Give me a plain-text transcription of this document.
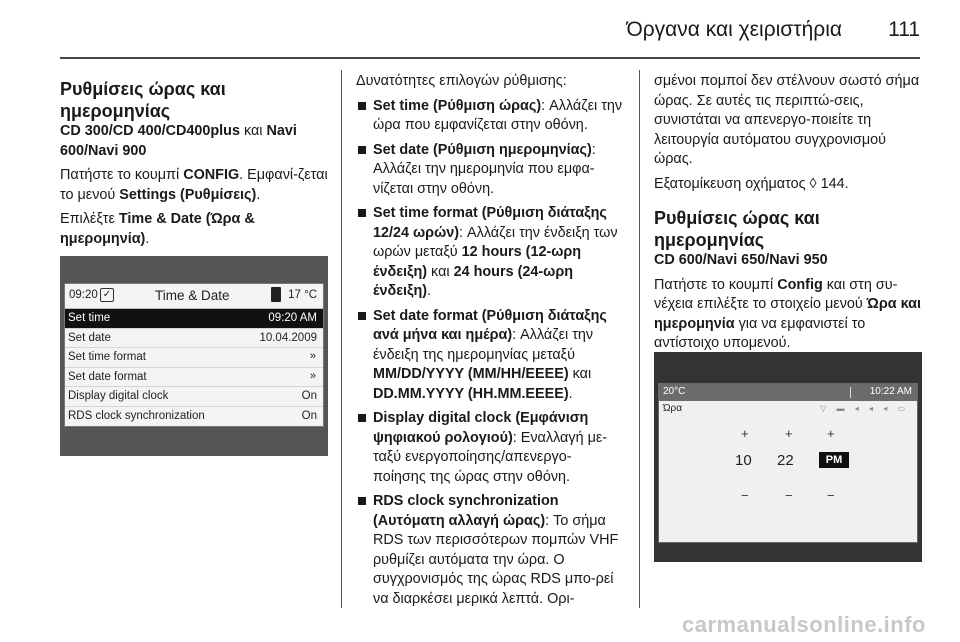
Όργανα και χειριστήρια 111
Ρυθμίσεις ώρας και ημερομηνίας
CD 300/CD 400/CD400plus και Navi 600/Navi 900

Πατήστε το κουμπί CONFIG. Εμφανί-ζεται το μενού Settings (Ρυθμίσεις).

Επιλέξτε Time & Date (Ώρα & ημερομηνία).

09:20 ✓	Time & Date	17 °C
Set time	09:20 AM
Set date	10.04.2009
Set time format	»
Set date format	»
Display digital clock	On
RDS clock synchronization	On
Δυνατότητες επιλογών ρύθμισης:
Set time (Ρύθμιση ώρας): Αλλάζει την ώρα που εμφανίζεται στην οθόνη.
Set date (Ρύθμιση ημερομηνίας): Αλλάζει την ημερομηνία που εμφα-νίζεται στην οθόνη.
Set time format (Ρύθμιση διάταξης 12/24 ωρών): Αλλάζει την ένδειξη των ωρών μεταξύ 12 hours (12-ωρη ένδειξη) και 24 hours (24-ωρη ένδειξη).
Set date format (Ρύθμιση διάταξης ανά μήνα και ημέρα): Αλλάζει την ένδειξη της ημερομηνίας μεταξύ MM/DD/YYYY (MM/HH/EEEE) και DD.MM.YYYY (HH.MM.EEEE).
Display digital clock (Εμφάνιση ψηφιακού ρολογιού): Εναλλαγή με-ταξύ ενεργοποίησης/απενεργο-ποίησης της ώρας στην οθόνη.
RDS clock synchronization (Αυτόματη αλλαγή ώρας): Το σήμα RDS των περισσότερων πομπών VHF ρυθμίζει αυτόματα την ώρα. Ο συγχρονισμός της ώρας RDS μπο-ρεί να διαρκέσει μερικά λεπτά. Ορι-
σμένοι πομποί δεν στέλνουν σωστό σήμα ώρας. Σε αυτές τις περιπτώ-σεις, συνιστάται να απενεργο-ποιείτε τη λειτουργία αυτόματου συγχρονισμού ώρας.

Εξατομίκευση οχήματος ◊ 144.

Ρυθμίσεις ώρας και ημερομηνίας
CD 600/Navi 650/Navi 950

Πατήστε το κουμπί Config και στη συ-νέχεια επιλέξτε το στοιχείο μενού Ώρα και ημερομηνία για να εμφανιστεί το αντίστοιχο υπομενού.

20°C	10:22 AM
Ώρα	▽ ▬ ◂ ◂ ◂ ▭
+	+	+
10 22	PM
−	−	−
carmanualsonline.info
